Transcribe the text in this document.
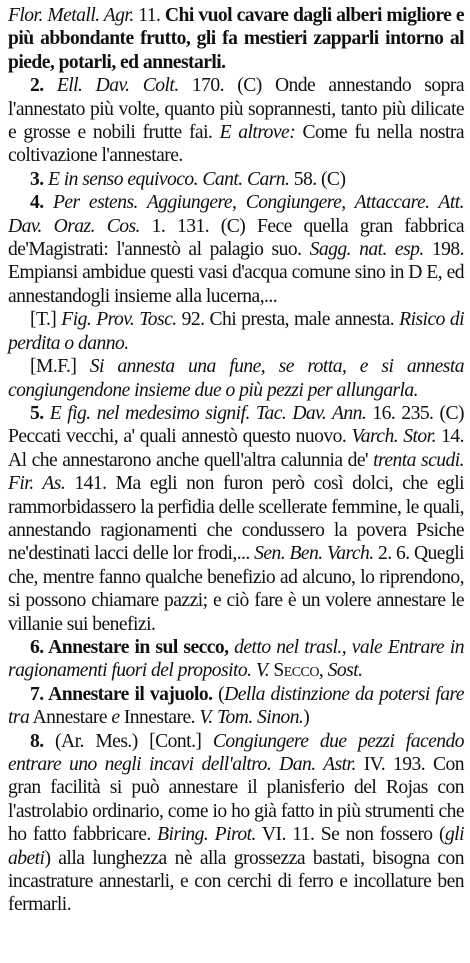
Flor. Metall. Agr. 11. Chi vuol cavare dagli alberi migliore e più abbondante frutto, gli fa mestieri zapparli intorno al piede, potarli, ed annestarli.

2. Ell. Dav. Colt. 170. (C) Onde annestando sopra l'annestato più volte, quanto più soprannesti, tanto più dilicate e grosse e nobili frutte fai. E altrove: Come fu nella nostra coltivazione l'annestare.

3. E in senso equivoco. Cant. Carn. 58. (C)

4. Per estens. Aggiungere, Congiungere, Attaccare. Att. Dav. Oraz. Cos. 1. 131. (C) Fece quella gran fabbrica de'Magistrati: l'annestò al palagio suo. Sagg. nat. esp. 198. Empiansi ambidue questi vasi d'acqua comune sino in D E, ed annestandogli insieme alla lucerna,...

[T.] Fig. Prov. Tosc. 92. Chi presta, male annesta. Risico di perdita o danno.

[M.F.] Si annesta una fune, se rotta, e si annesta congiungendone insieme due o più pezzi per allungarla.

5. E fig. nel medesimo signif. Tac. Dav. Ann. 16. 235. (C) Peccati vecchi, a' quali annestò questo nuovo. Varch. Stor. 14. Al che annestarono anche quell'altra calunnia de' trenta scudi. Fir. As. 141. Ma egli non furon però così dolci, che egli rammorbidassero la perfidia delle scellerate femmine, le quali, annestando ragionamenti che condussero la povera Psiche ne'destinati lacci delle lor frodi,... Sen. Ben. Varch. 2. 6. Quegli che, mentre fanno qualche benefizio ad alcuno, lo riprendono, si possono chiamare pazzi; e ciò fare è un volere annestare le villanie sui benefizi.

6. Annestare in sul secco, detto nel trasl., vale Entrare in ragionamenti fuori del proposito. V. Secco, Sost.

7. Annestare il vajuolo. (Della distinzione da potersi fare tra Annestare e Innestare. V. Tom. Sinon.)

8. (Ar. Mes.) [Cont.] Congiungere due pezzi facendo entrare uno negli incavi dell'altro. Dan. Astr. IV. 193. Con gran facilità si può annestare il planisferio del Rojas con l'astrolabio ordinario, come io ho già fatto in più strumenti che ho fatto fabbricare. Biring. Pirot. VI. 11. Se non fossero (gli abeti) alla lunghezza nè alla grossezza bastati, bisogna con incastrature annestarli, e con cerchi di ferro e incollature ben fermarli.
